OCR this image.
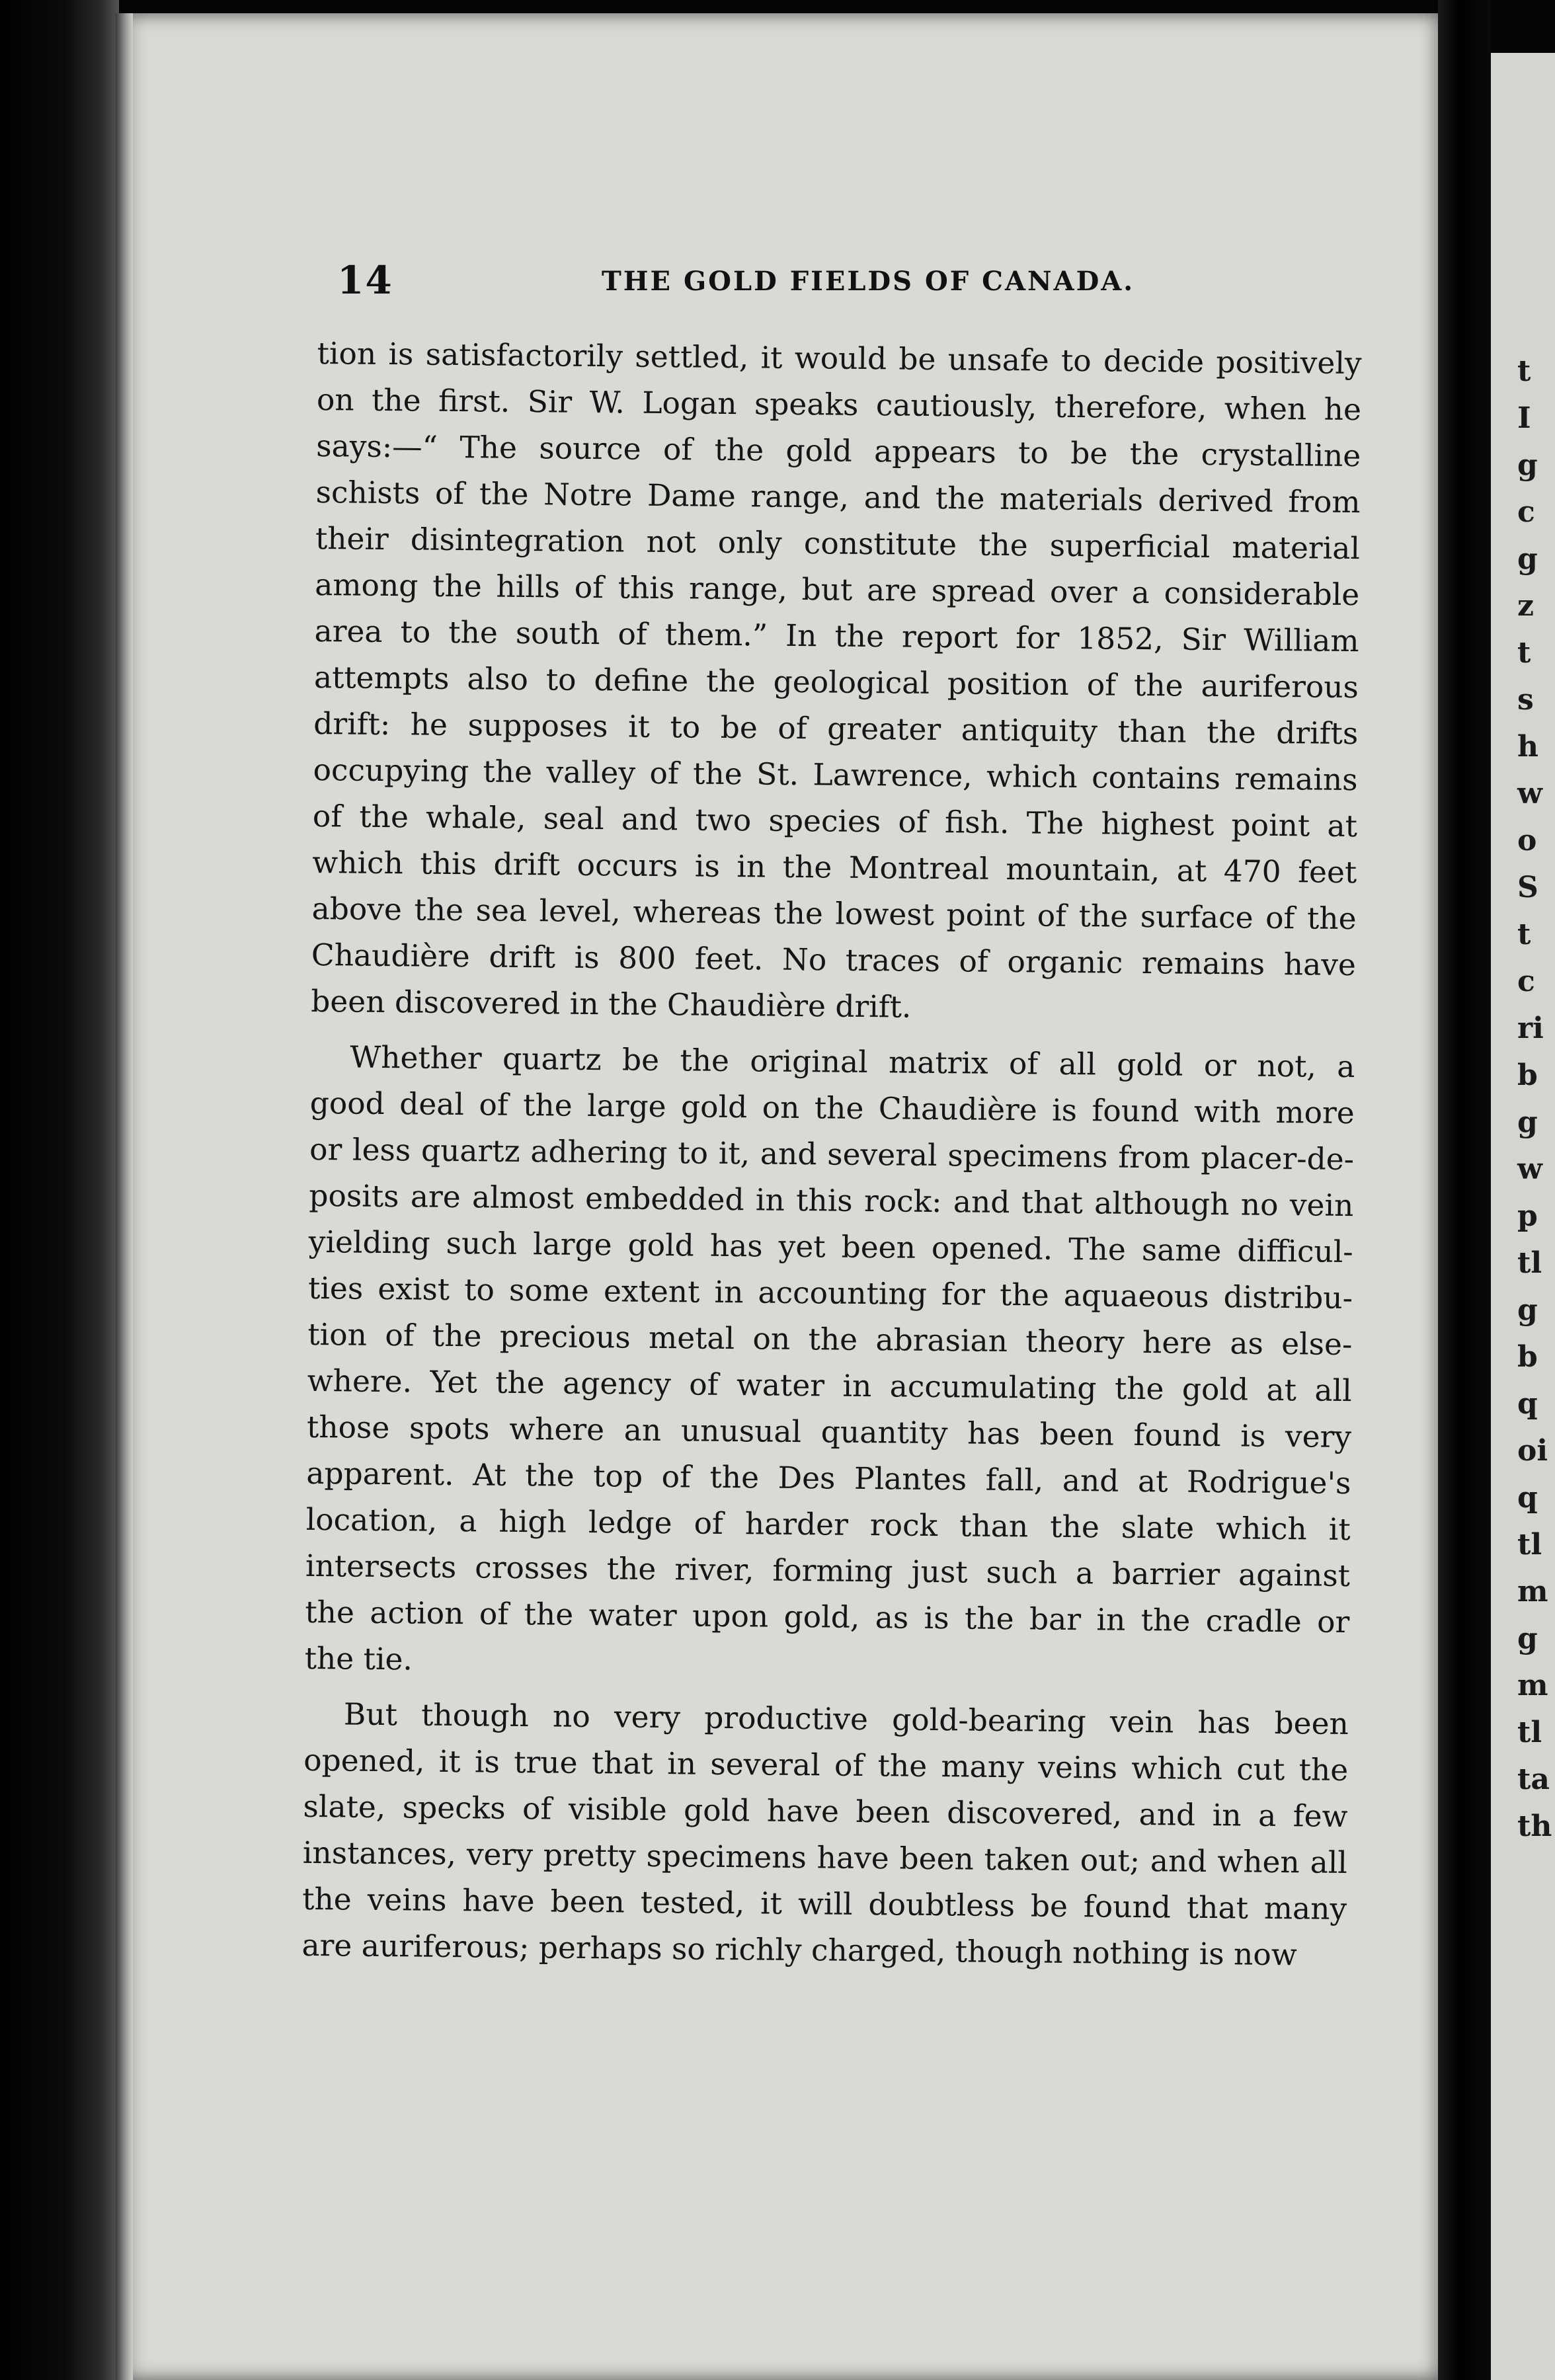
14	THE GOLD FIELDS OF CANADA.
tion is satisfactorily settled, it would be unsafe to decide positively
on the first. Sir W. Logan speaks cautiously, therefore, when he
says:—“ The source of the gold appears to be the crystalline
schists of the Notre Dame range, and the materials derived from
their disintegration not only constitute the superficial material
among the hills of this range, but are spread over a considerable
area to the south of them.” In the report for 1852, Sir William
attempts also to define the geological position of the auriferous
drift: he supposes it to be of greater antiquity than the drifts
occupying the valley of the St. Lawrence, which contains remains
of the whale, seal and two species of fish. The highest point at
which this drift occurs is in the Montreal mountain, at 470 feet
above the sea level, whereas the lowest point of the surface of the
Chaudière drift is 800 feet. No traces of organic remains have
been discovered in the Chaudière drift.
Whether quartz be the original matrix of all gold or not, a
good deal of the large gold on the Chaudière is found with more
or less quartz adhering to it, and several specimens from placer-de-
posits are almost embedded in this rock: and that although no vein
yielding such large gold has yet been opened. The same difficul-
ties exist to some extent in accounting for the aquaeous distribu-
tion of the precious metal on the abrasian theory here as else-
where. Yet the agency of water in accumulating the gold at all
those spots where an unusual quantity has been found is very
apparent. At the top of the Des Plantes fall, and at Rodrigue's
location, a high ledge of harder rock than the slate which it
intersects crosses the river, forming just such a barrier against
the action of the water upon gold, as is the bar in the cradle or
the tie.
But though no very productive gold-bearing vein has been
opened, it is true that in several of the many veins which cut the
slate, specks of visible gold have been discovered, and in a few
instances, very pretty specimens have been taken out; and when all
the veins have been tested, it will doubtless be found that many
are auriferous; perhaps so richly charged, though nothing is now
t
I
g
c
g
z
t
s
h
w
o
S
t
c
ri
b
g
w
p
tl
g
b
q
oi
q
tl
m
g
m
tl
ta
th
